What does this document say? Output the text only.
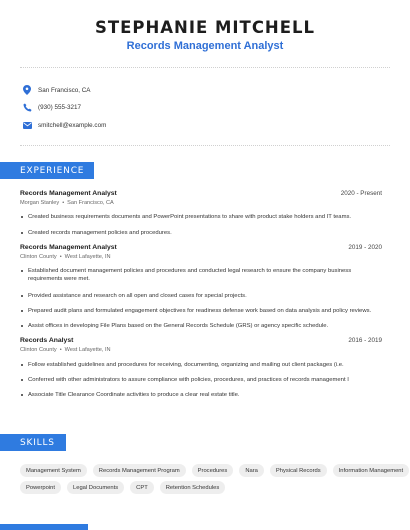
STEPHANIE MITCHELL
Records Management Analyst
San Francisco, CA
(930) 555-3217
smitchell@example.com
EXPERIENCE
Records Management Analyst	2020 - Present
Morgan Stanley • San Francisco, CA
Created business requirements documents and PowerPoint presentations to share with product stake holders and IT teams.
Created records management policies and procedures.
Records Management Analyst	2019 - 2020
Clinton County • West Lafayette, IN
Established document management policies and procedures and conducted legal research to ensure the company business requirements were met.
Provided assistance and research on all open and closed cases for special projects.
Prepared audit plans and formulated engagement objectives for readiness defense work based on data analysis and policy reviews.
Assist offices in developing File Plans based on the General Records Schedule (GRS) or agency specific schedule.
Records Analyst	2016 - 2019
Clinton County • West Lafayette, IN
Follow established guidelines and procedures for receiving, documenting, organizing and mailing out client packages (i.e.
Conferred with other administrators to assure compliance with policies, procedures, and practices of records management I
Associate Title Clearance Coordinate activities to produce a clear real estate title.
SKILLS
Management System	Records Management Program	Procedures	Nara	Physical Records	Information Management
Powerpoint	Legal Documents	CPT	Retention Schedules
